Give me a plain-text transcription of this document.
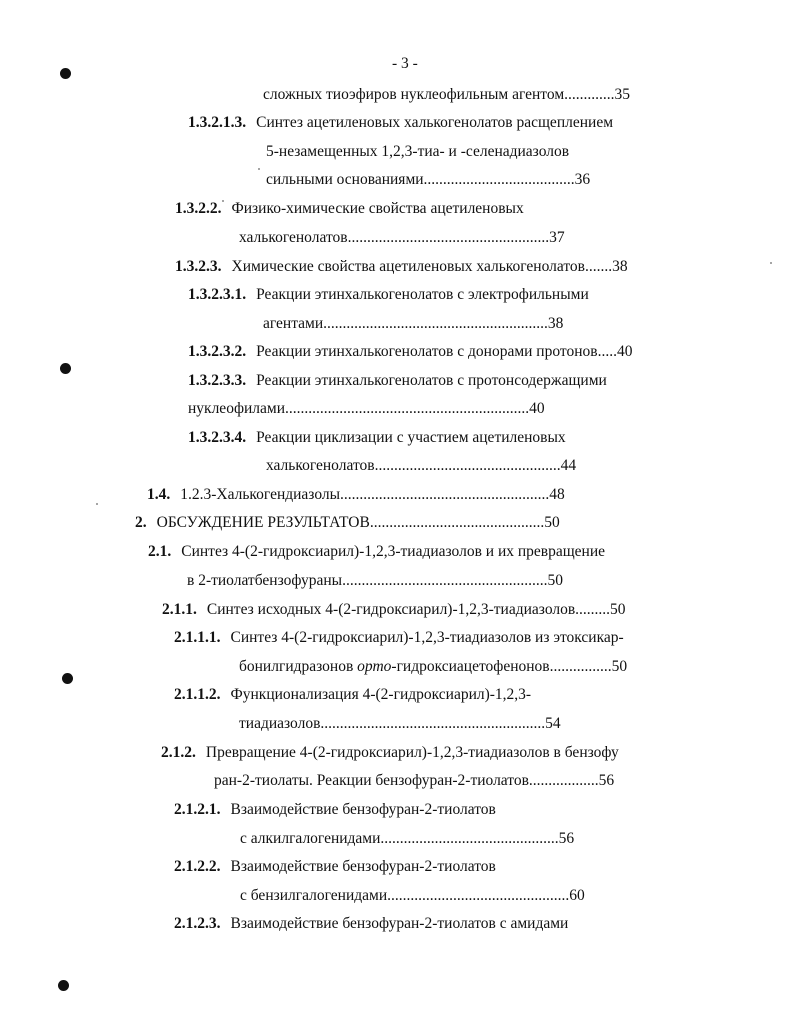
- 3 -
сложных тиоэфиров нуклеофильным агентом.............35
1.3.2.1.3. Синтез ацетиленовых халькогенолатов расщеплением
5-незамещенных 1,2,3-тиа- и -селенадиазолов
сильными основаниями.......................................36
1.3.2.2. Физико-химические свойства ацетиленовых
халькогенолатов....................................................37
1.3.2.3. Химические свойства ацетиленовых халькогенолатов.......38
1.3.2.3.1. Реакции этинхалькогенолатов с электрофильными
агентами..........................................................38
1.3.2.3.2. Реакции этинхалькогенолатов с донорами протонов.....40
1.3.2.3.3. Реакции этинхалькогенолатов с протонсодержащими
нуклеофилами...............................................................40
1.3.2.3.4. Реакции циклизации с участием ацетиленовых
халькогенолатов................................................44
1.4. 1.2.3-Халькогендиазолы......................................................48
2. ОБСУЖДЕНИЕ РЕЗУЛЬТАТОВ.............................................50
2.1. Синтез 4-(2-гидроксиарил)-1,2,3-тиадиазолов и их превращение
в 2-тиолатбензофураны.....................................................50
2.1.1. Синтез исходных 4-(2-гидроксиарил)-1,2,3-тиадиазолов.........50
2.1.1.1. Синтез 4-(2-гидроксиарил)-1,2,3-тиадиазолов из этоксикар-
бонилгидразонов орто-гидроксиацетофенонов................50
2.1.1.2. Функционализация 4-(2-гидроксиарил)-1,2,3-
тиадиазолов..........................................................54
2.1.2. Превращение 4-(2-гидроксиарил)-1,2,3-тиадиазолов в бензофу
ран-2-тиолаты. Реакции бензофуран-2-тиолатов..................56
2.1.2.1. Взаимодействие бензофуран-2-тиолатов
с алкилгалогенидами..............................................56
2.1.2.2. Взаимодействие бензофуран-2-тиолатов
с бензилгалогенидами...............................................60
2.1.2.3. Взаимодействие бензофуран-2-тиолатов с амидами
